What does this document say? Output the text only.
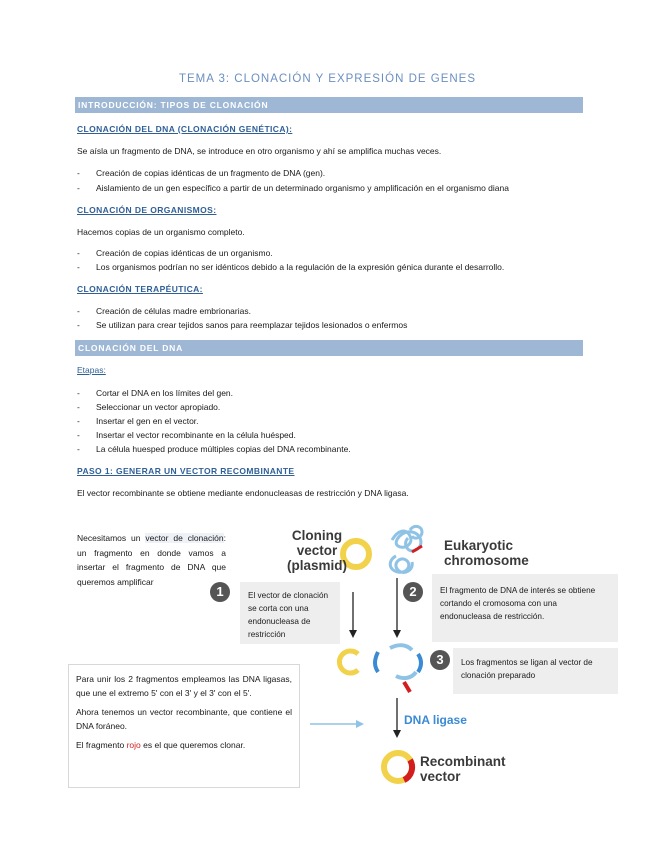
TEMA 3: CLONACIÓN Y EXPRESIÓN DE GENES
INTRODUCCIÓN: TIPOS DE CLONACIÓN
CLONACIÓN DEL DNA (CLONACIÓN GENÉTICA):
Se aísla un fragmento de DNA, se introduce en otro organismo y ahí se amplifica muchas veces.
- Creación de copias idénticas de un fragmento de DNA (gen).
- Aislamiento de un gen específico a partir de un determinado organismo y amplificación en el organismo diana
CLONACIÓN DE ORGANISMOS:
Hacemos copias de un organismo completo.
- Creación de copias idénticas de un organismo.
- Los organismos podrían no ser idénticos debido a la regulación de la expresión génica durante el desarrollo.
CLONACIÓN TERAPÉUTICA:
- Creación de células madre embrionarias.
- Se utilizan para crear tejidos sanos para reemplazar tejidos lesionados o enfermos
CLONACIÓN DEL DNA
Etapas:
- Cortar el DNA en los límites del gen.
- Seleccionar un vector apropiado.
- Insertar el gen en el vector.
- Insertar el vector recombinante en la célula huésped.
- La célula huesped produce múltiples copias del DNA recombinante.
PASO 1: GENERAR UN VECTOR RECOMBINANTE
El vector recombinante se obtiene mediante endonucleasas de restricción y DNA ligasa.
Necesitamos un vector de clonación: un fragmento en donde vamos a insertar el fragmento de DNA que queremos amplificar
Cloning
vector
(plasmid)
Eukaryotic
chromosome
1	2
3
El vector de clonación se corta con una endonucleasa de restricción
El fragmento de DNA de interés se obtiene cortando el cromosoma con una endonucleasa de restricción.
Los fragmentos se ligan al vector de clonación preparado
DNA ligase
Recombinant
vector

Para unir los 2 fragmentos empleamos las DNA ligasas, que une el extremo 5' con el 3' y el 3' con el 5'.

Ahora tenemos un vector recombinante, que contiene el DNA foráneo.

El fragmento rojo es el que queremos clonar.
